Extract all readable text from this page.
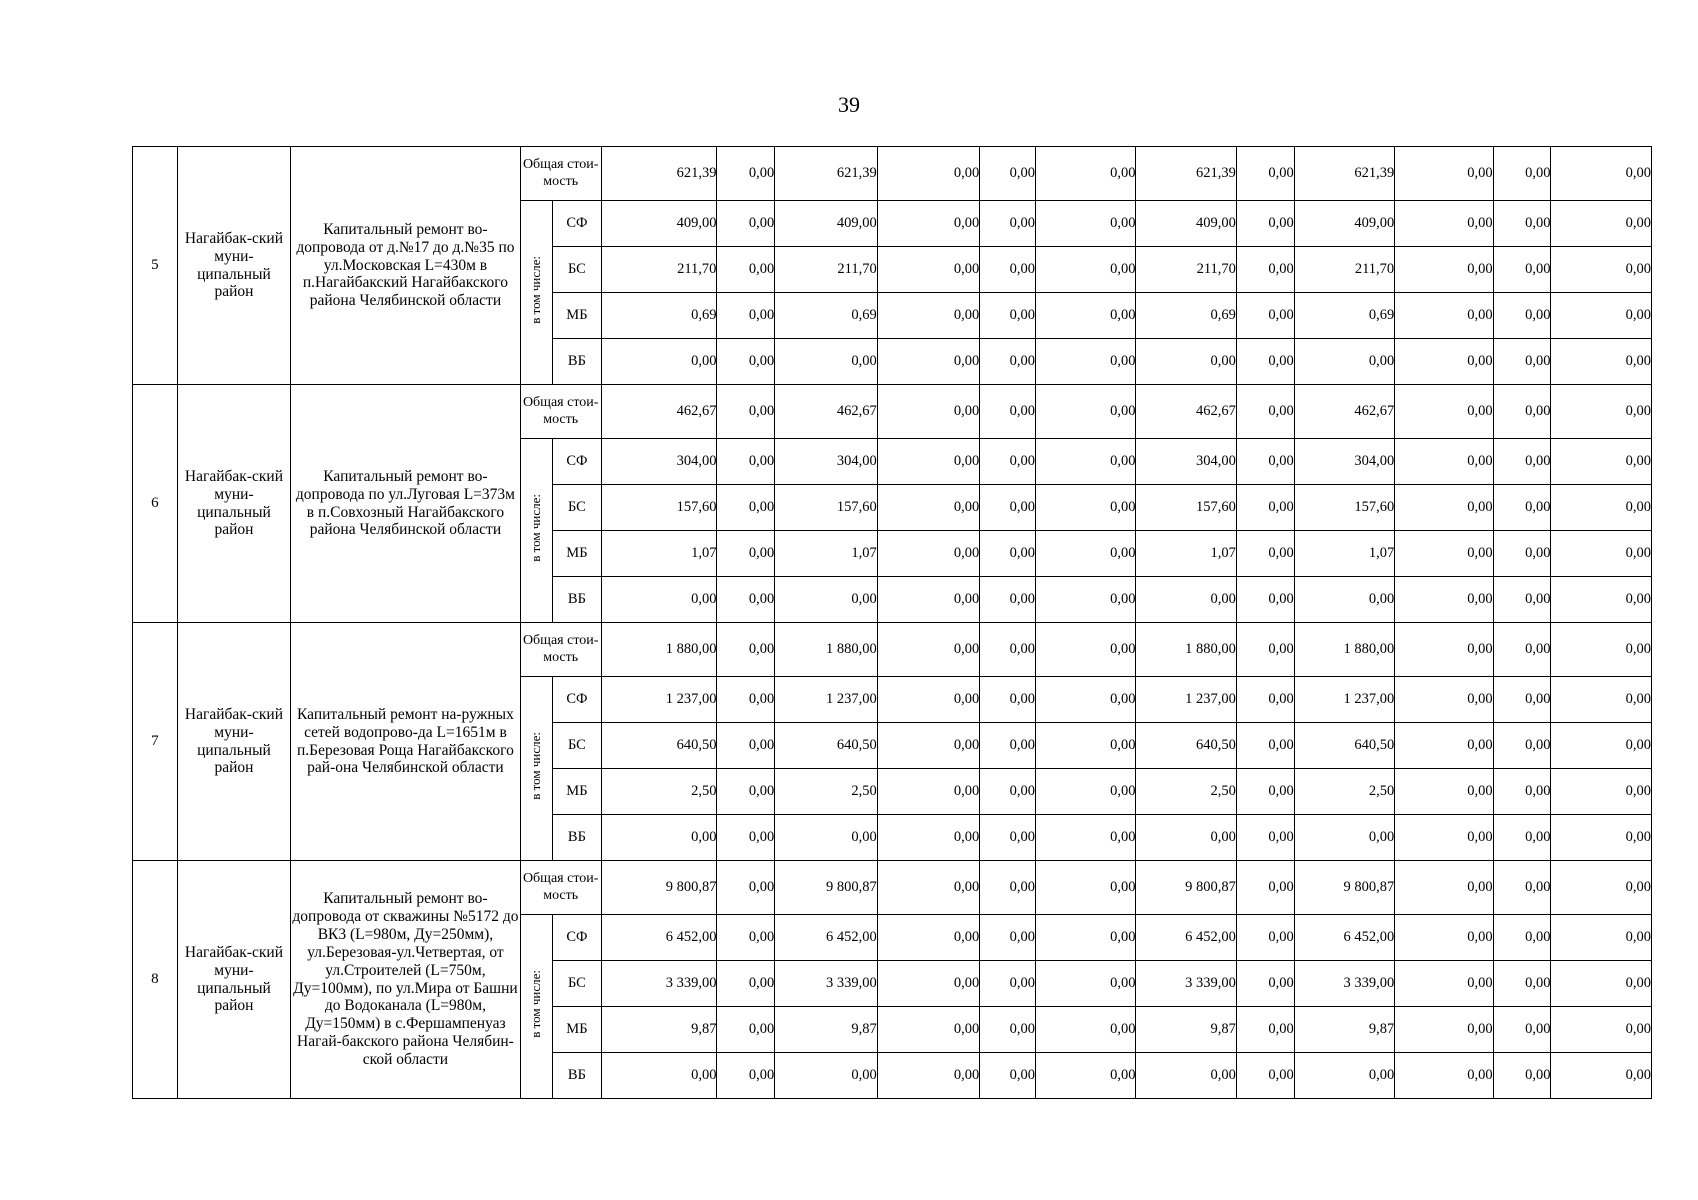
39
5	Нагайбак-ский муни-ципальный район	Капитальный ремонт во-допровода от д.№17 до д.№35 по ул.Московская L=430м в п.Нагайбакский Нагайбакского района Челябинской области	Общая стои-мость		621,39	0,00	621,39	0,00	0,00	0,00	621,39	0,00	621,39	0,00	0,00	0,00
			в том числе:	СФ	409,00	0,00	409,00	0,00	0,00	0,00	409,00	0,00	409,00	0,00	0,00	0,00
				БС	211,70	0,00	211,70	0,00	0,00	0,00	211,70	0,00	211,70	0,00	0,00	0,00
				МБ	0,69	0,00	0,69	0,00	0,00	0,00	0,69	0,00	0,69	0,00	0,00	0,00
				ВБ	0,00	0,00	0,00	0,00	0,00	0,00	0,00	0,00	0,00	0,00	0,00	0,00
6	Нагайбак-ский муни-ципальный район	Капитальный ремонт во-допровода по ул.Луговая L=373м в п.Совхозный Нагайбакского района Челябинской области	Общая стои-мость		462,67	0,00	462,67	0,00	0,00	0,00	462,67	0,00	462,67	0,00	0,00	0,00
			в том числе:	СФ	304,00	0,00	304,00	0,00	0,00	0,00	304,00	0,00	304,00	0,00	0,00	0,00
				БС	157,60	0,00	157,60	0,00	0,00	0,00	157,60	0,00	157,60	0,00	0,00	0,00
				МБ	1,07	0,00	1,07	0,00	0,00	0,00	1,07	0,00	1,07	0,00	0,00	0,00
				ВБ	0,00	0,00	0,00	0,00	0,00	0,00	0,00	0,00	0,00	0,00	0,00	0,00
7	Нагайбак-ский муни-ципальный район	Капитальный ремонт на-ружных сетей водопрово-да L=1651м в п.Березовая Роща Нагайбакского рай-она Челябинской области	Общая стои-мость		1 880,00	0,00	1 880,00	0,00	0,00	0,00	1 880,00	0,00	1 880,00	0,00	0,00	0,00
			в том числе:	СФ	1 237,00	0,00	1 237,00	0,00	0,00	0,00	1 237,00	0,00	1 237,00	0,00	0,00	0,00
				БС	640,50	0,00	640,50	0,00	0,00	0,00	640,50	0,00	640,50	0,00	0,00	0,00
				МБ	2,50	0,00	2,50	0,00	0,00	0,00	2,50	0,00	2,50	0,00	0,00	0,00
				ВБ	0,00	0,00	0,00	0,00	0,00	0,00	0,00	0,00	0,00	0,00	0,00	0,00
8	Нагайбак-ский муни-ципальный район	Капитальный ремонт во-допровода от скважины №5172 до ВК3 (L=980м, Ду=250мм), ул.Березовая-ул.Четвертая, от ул.Строителей (L=750м, Ду=100мм), по ул.Мира от Башни до Водоканала (L=980м, Ду=150мм) в с.Фершампенуаз Нагай-бакского района Челябин-ской области	Общая стои-мость		9 800,87	0,00	9 800,87	0,00	0,00	0,00	9 800,87	0,00	9 800,87	0,00	0,00	0,00
			в том числе:	СФ	6 452,00	0,00	6 452,00	0,00	0,00	0,00	6 452,00	0,00	6 452,00	0,00	0,00	0,00
				БС	3 339,00	0,00	3 339,00	0,00	0,00	0,00	3 339,00	0,00	3 339,00	0,00	0,00	0,00
				МБ	9,87	0,00	9,87	0,00	0,00	0,00	9,87	0,00	9,87	0,00	0,00	0,00
				ВБ	0,00	0,00	0,00	0,00	0,00	0,00	0,00	0,00	0,00	0,00	0,00	0,00
